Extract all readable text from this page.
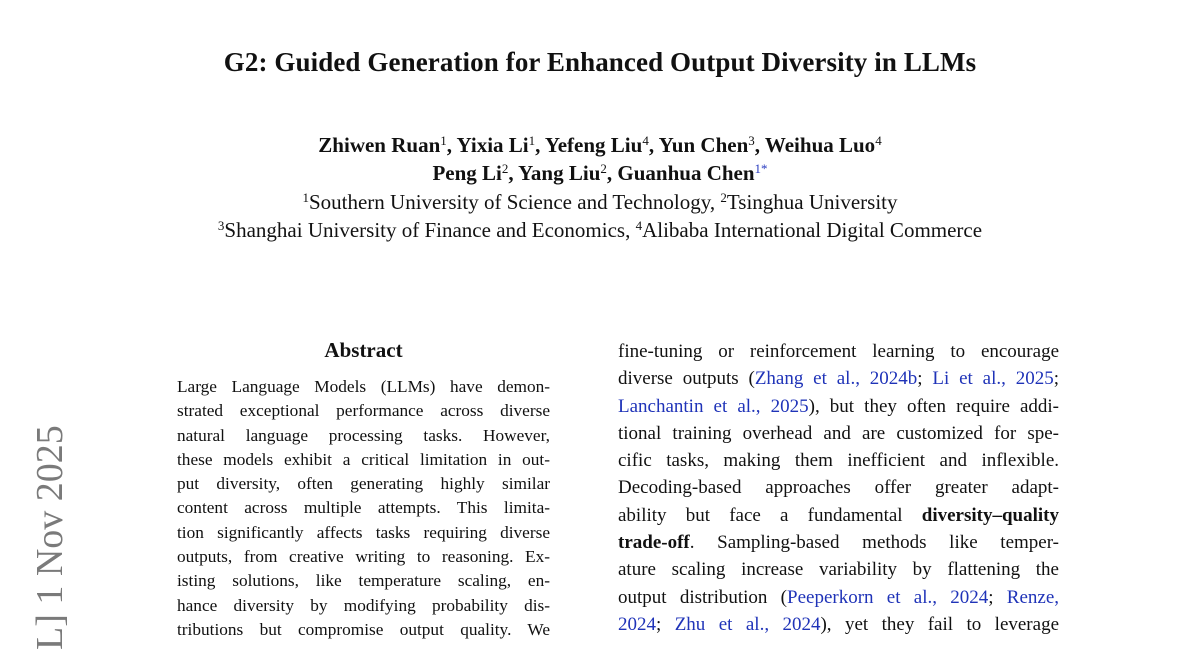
L] 1 Nov 2025
G2: Guided Generation for Enhanced Output Diversity in LLMs
Zhiwen Ruan$^1$, Yixia Li$^1$, Yefeng Liu$^4$, Yun Chen$^3$, Weihua Luo$^4$
Peng Li$^2$, Yang Liu$^2$, Guanhua Chen$^{1*}$
$^1$Southern University of Science and Technology, $^2$Tsinghua University
$^3$Shanghai University of Finance and Economics, $^4$Alibaba International Digital Commerce
Abstract
Large Language Models (LLMs) have demon-
strated exceptional performance across diverse
natural language processing tasks. However,
these models exhibit a critical limitation in out-
put diversity, often generating highly similar
content across multiple attempts. This limita-
tion significantly affects tasks requiring diverse
outputs, from creative writing to reasoning. Ex-
isting solutions, like temperature scaling, en-
hance diversity by modifying probability dis-
tributions but compromise output quality. We
fine-tuning or reinforcement learning to encourage
diverse outputs (Zhang et al., 2024b; Li et al., 2025;
Lanchantin et al., 2025), but they often require addi-
tional training overhead and are customized for spe-
cific tasks, making them inefficient and inflexible.
Decoding-based approaches offer greater adapt-
ability but face a fundamental diversity–quality
trade-off. Sampling-based methods like temper-
ature scaling increase variability by flattening the
output distribution (Peeperkorn et al., 2024; Renze,
2024; Zhu et al., 2024), yet they fail to leverage
